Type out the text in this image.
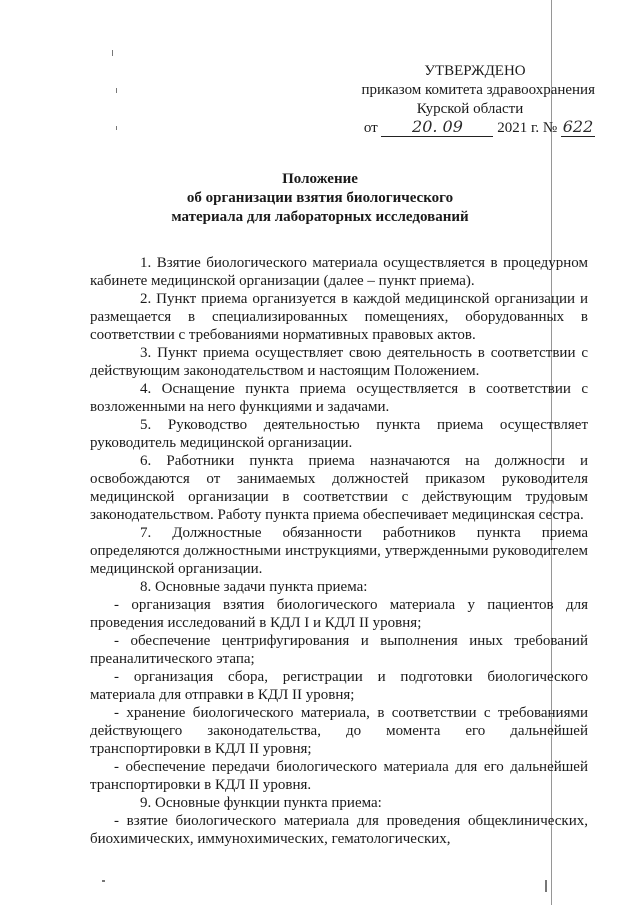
УТВЕРЖДЕНО
приказом комитета здравоохранения
Курской области
от 20. 09 2021 г. № 622
Положение
об организации взятия биологического
материала для лабораторных исследований

1. Взятие биологического материала осуществляется в процедурном кабинете медицинской организации (далее – пункт приема).

2. Пункт приема организуется в каждой медицинской организации и размещается в специализированных помещениях, оборудованных в соответствии с требованиями нормативных правовых актов.

3. Пункт приема осуществляет свою деятельность в соответствии с действующим законодательством и настоящим Положением.

4. Оснащение пункта приема осуществляется в соответствии с возложенными на него функциями и задачами.

5. Руководство деятельностью пункта приема осуществляет руководитель медицинской организации.

6. Работники пункта приема назначаются на должности и освобождаются от занимаемых должностей приказом руководителя медицинской организации в соответствии с действующим трудовым законодательством. Работу пункта приема обеспечивает медицинская сестра.

7. Должностные обязанности работников пункта приема определяются должностными инструкциями, утвержденными руководителем медицинской организации.

8. Основные задачи пункта приема:

- организация взятия биологического материала у пациентов для проведения исследований в КДЛ I и КДЛ II уровня;

- обеспечение центрифугирования и выполнения иных требований преаналитического этапа;

- организация сбора, регистрации и подготовки биологического материала для отправки в КДЛ II уровня;

- хранение биологического материала, в соответствии с требованиями действующего законодательства, до момента его дальнейшей транспортировки в КДЛ II уровня;

- обеспечение передачи биологического материала для его дальнейшей транспортировки в КДЛ II уровня.

9. Основные функции пункта приема:

- взятие биологического материала для проведения общеклинических, биохимических, иммунохимических, гематологических,
